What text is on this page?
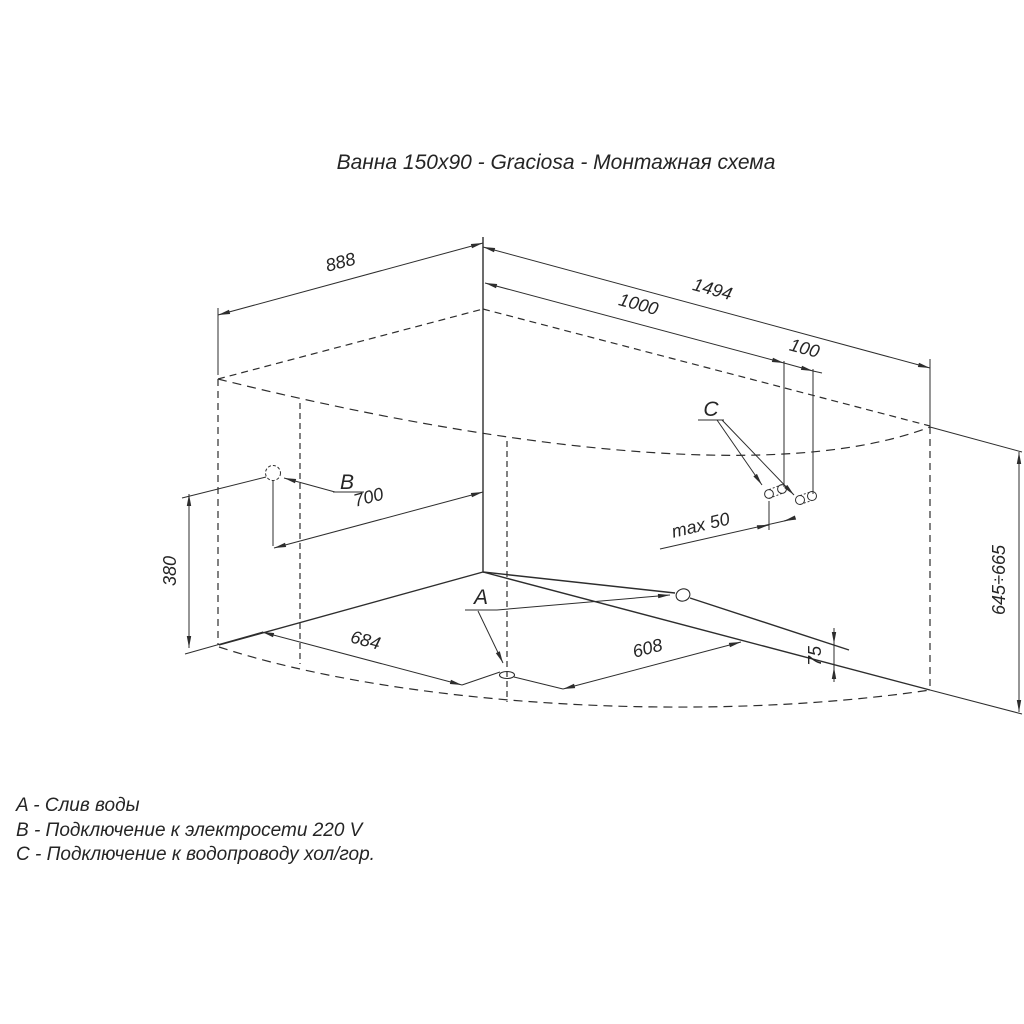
Ванна 150x90 - Graciosa - Монтажная схема
888
1494
1000
100
700
380
max 50
684	608	75
645÷665
A
B
C
A - Слив воды
B - Подключение к электросети 220 V
C - Подключение к водопроводу хол/гор.
